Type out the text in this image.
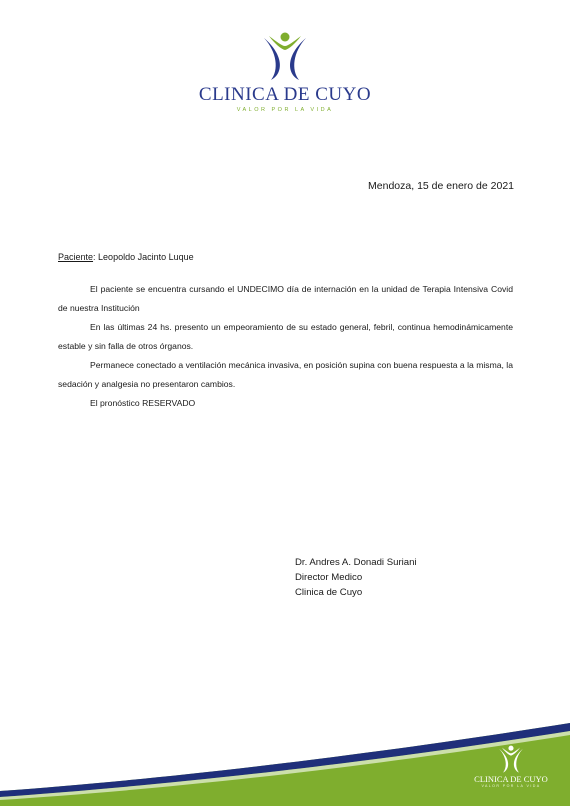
CLINICA DE CUYO
VALOR POR LA VIDA
Mendoza, 15 de enero de 2021
Paciente: Leopoldo Jacinto Luque

El paciente se encuentra cursando el UNDECIMO día de internación en la unidad de Terapia Intensiva Covid de nuestra Institución

En las últimas 24 hs. presento un empeoramiento de su estado general, febril, continua hemodinámicamente estable y sin falla de otros órganos.

Permanece conectado a ventilación mecánica invasiva, en posición supina con buena respuesta a la misma, la sedación y analgesia no presentaron cambios.

El pronóstico RESERVADO

Dr. Andres A. Donadi Suriani
Director Medico
Clinica de Cuyo
CLINICA DE CUYO
VALOR POR LA VIDA
